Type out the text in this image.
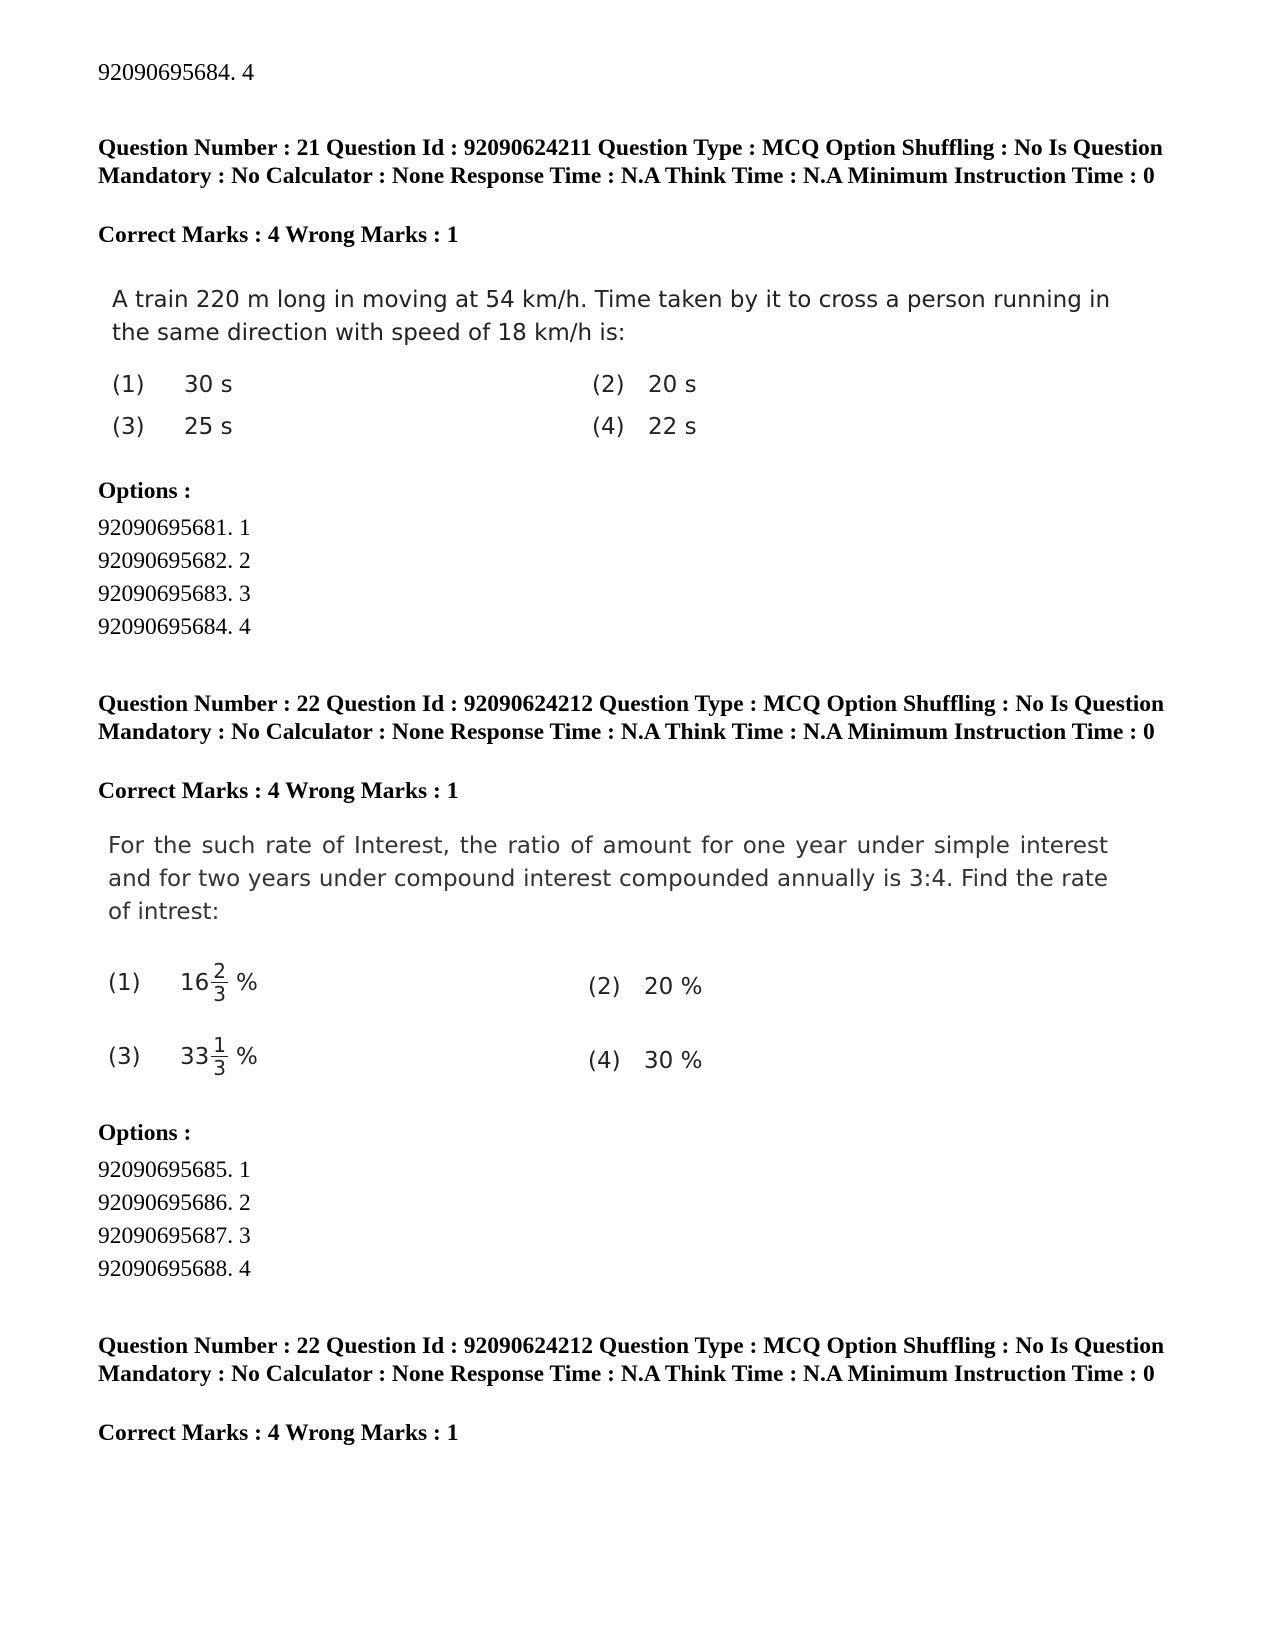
92090695684. 4
Question Number : 21 Question Id : 92090624211 Question Type : MCQ Option Shuffling : No Is Question Mandatory : No Calculator : None Response Time : N.A Think Time : N.A Minimum Instruction Time : 0
Correct Marks : 4 Wrong Marks : 1
A train 220 m long in moving at 54 km/h. Time taken by it to cross a person running in the same direction with speed of 18 km/h is:
(1)	30 s	(2)	20 s
(3)	25 s	(4)	22 s
Options :
92090695681. 1
92090695682. 2
92090695683. 3
92090695684. 4
Question Number : 22 Question Id : 92090624212 Question Type : MCQ Option Shuffling : No Is Question Mandatory : No Calculator : None Response Time : N.A Think Time : N.A Minimum Instruction Time : 0
Correct Marks : 4 Wrong Marks : 1
For the such rate of Interest, the ratio of amount for one year under simple interest and for two years under compound interest compounded annually is 3:4. Find the rate of intrest:
(1)	$16 \frac{2}{3}$ %	(2)	20 %
(3)	$33 \frac{1}{3}$ %	(4)	30 %
Options :
92090695685. 1
92090695686. 2
92090695687. 3
92090695688. 4
Question Number : 22 Question Id : 92090624212 Question Type : MCQ Option Shuffling : No Is Question Mandatory : No Calculator : None Response Time : N.A Think Time : N.A Minimum Instruction Time : 0
Correct Marks : 4 Wrong Marks : 1
